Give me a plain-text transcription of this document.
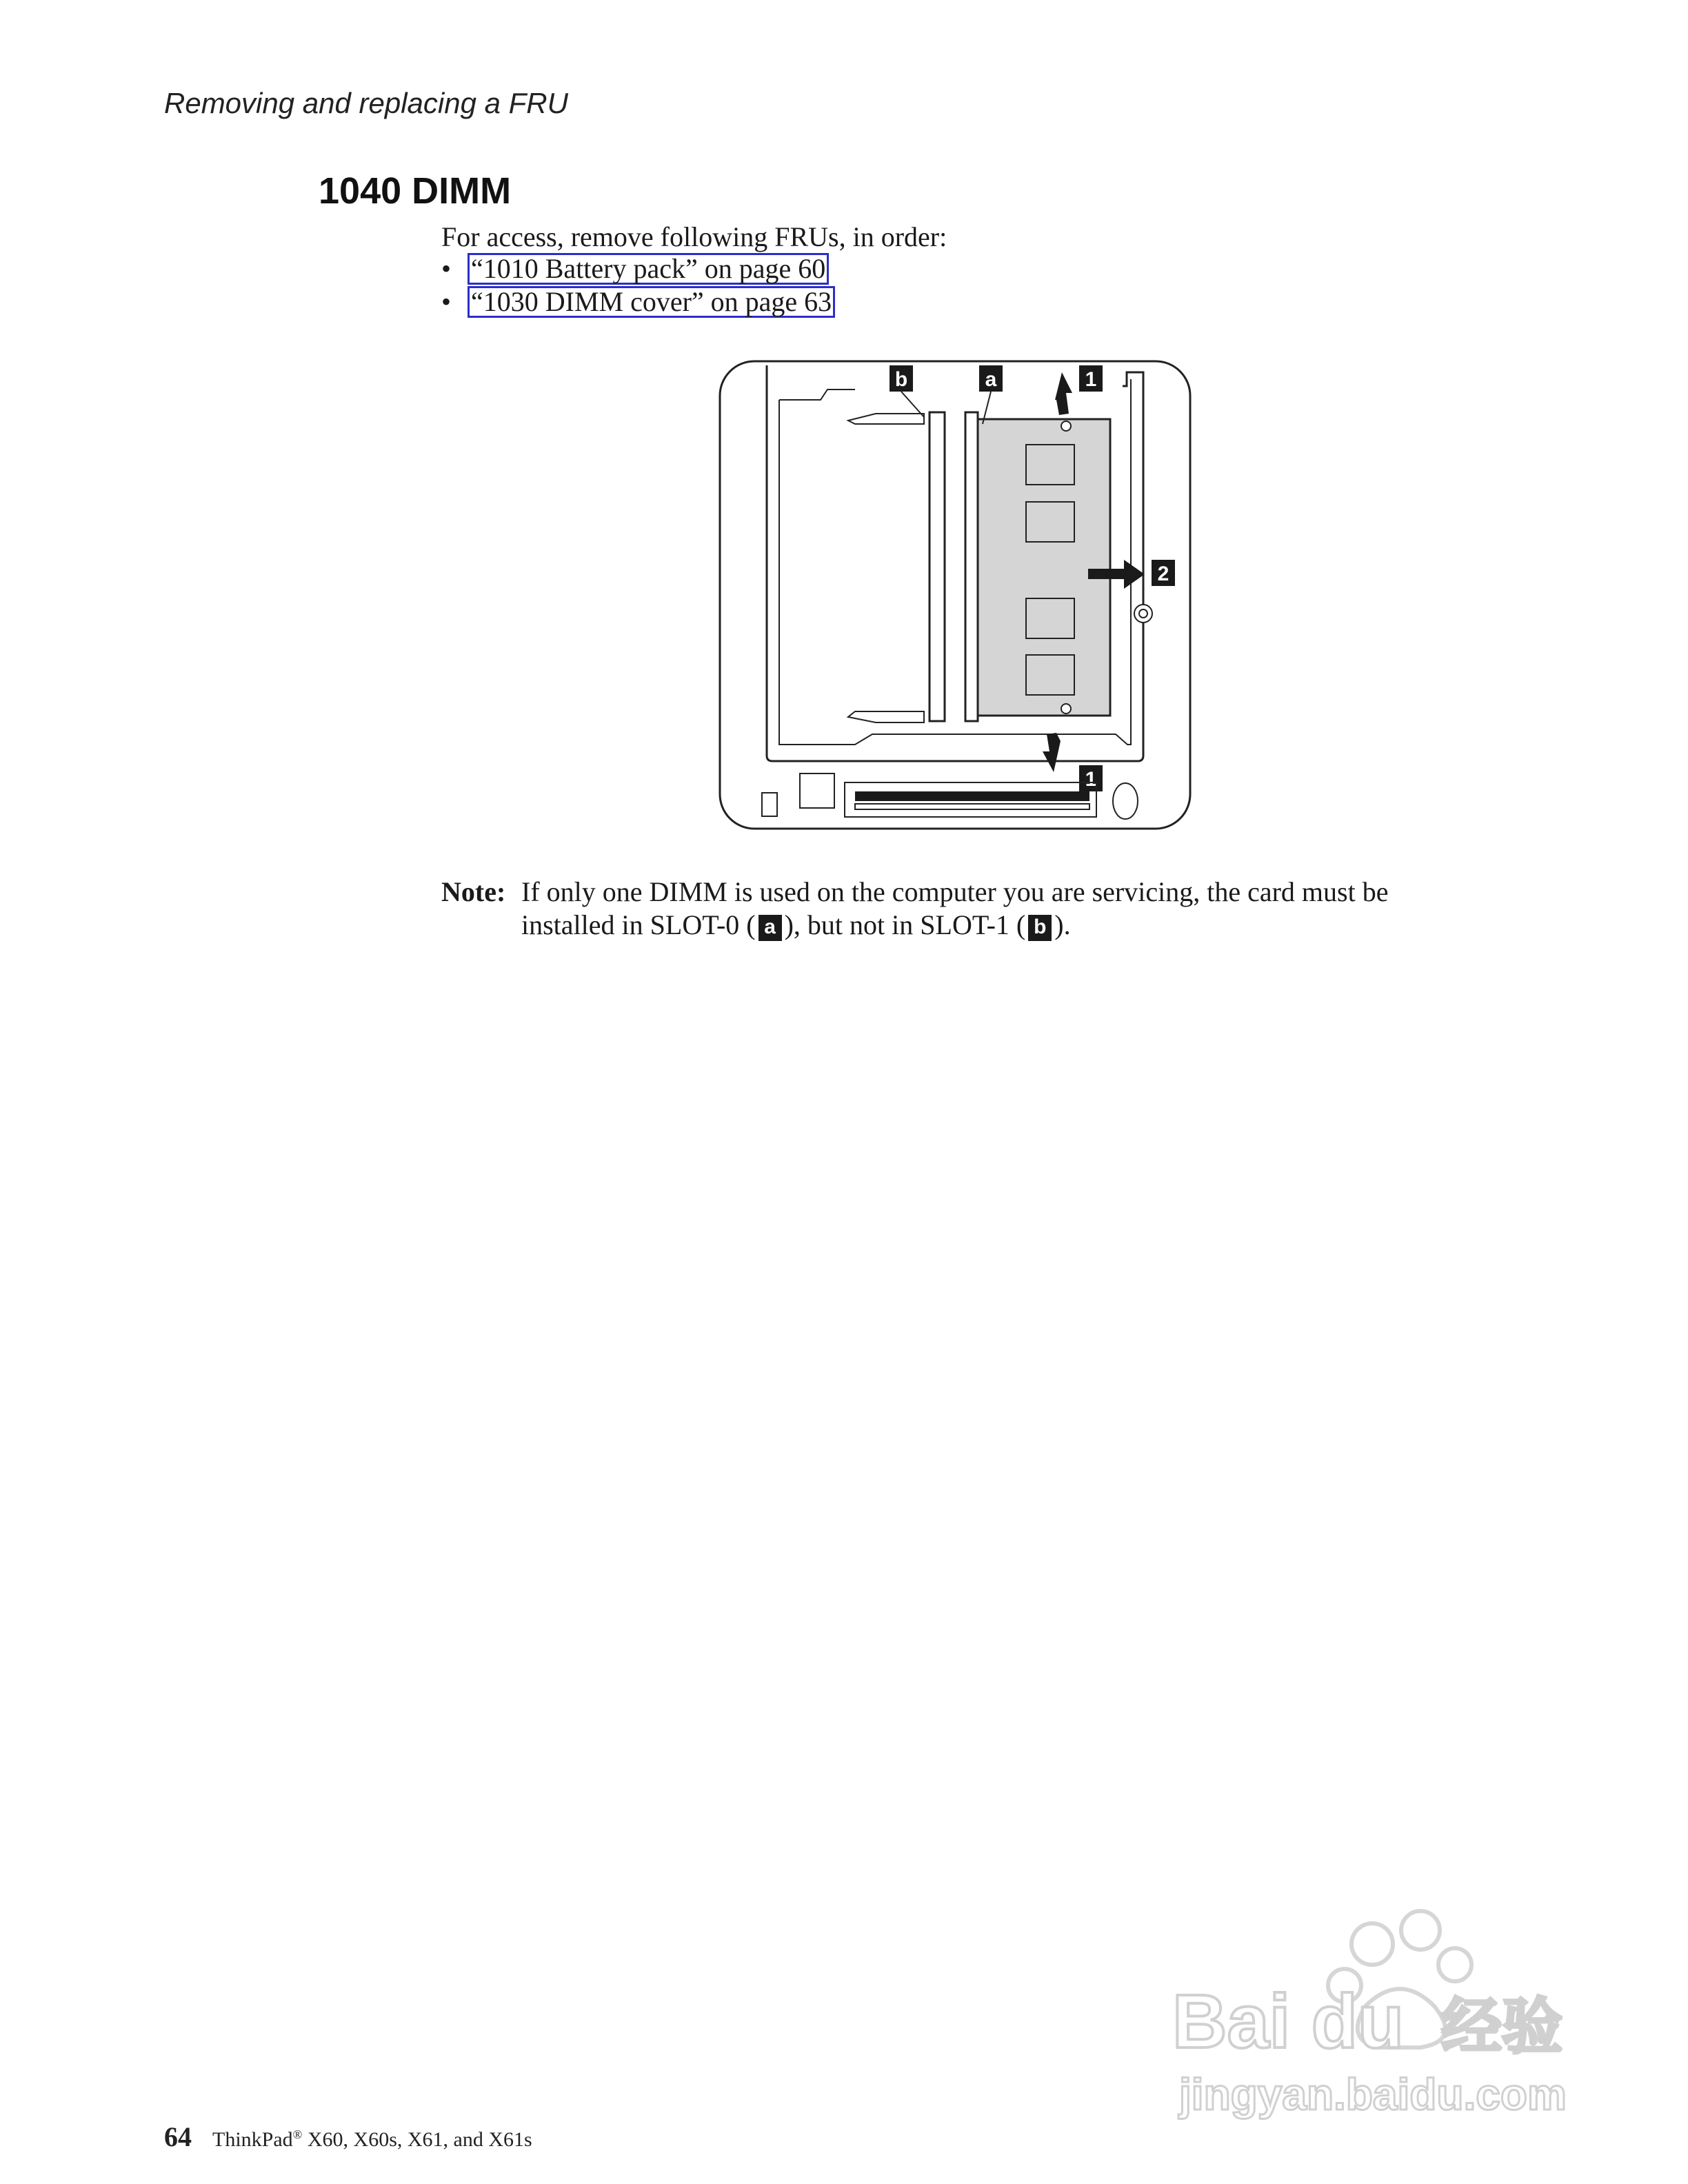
Removing and replacing a FRU
1040 DIMM
For access, remove following FRUs, in order:
• “1010 Battery pack” on page 60
• “1030 DIMM cover” on page 63
b	a	1
2
1
Note: If only one DIMM is used on the computer you are servicing, the card must be installed in SLOT-0 ( a ), but not in SLOT-1 ( b ).
Bai du 经验
jingyan.baidu.com
64 ThinkPad® X60, X60s, X61, and X61s
